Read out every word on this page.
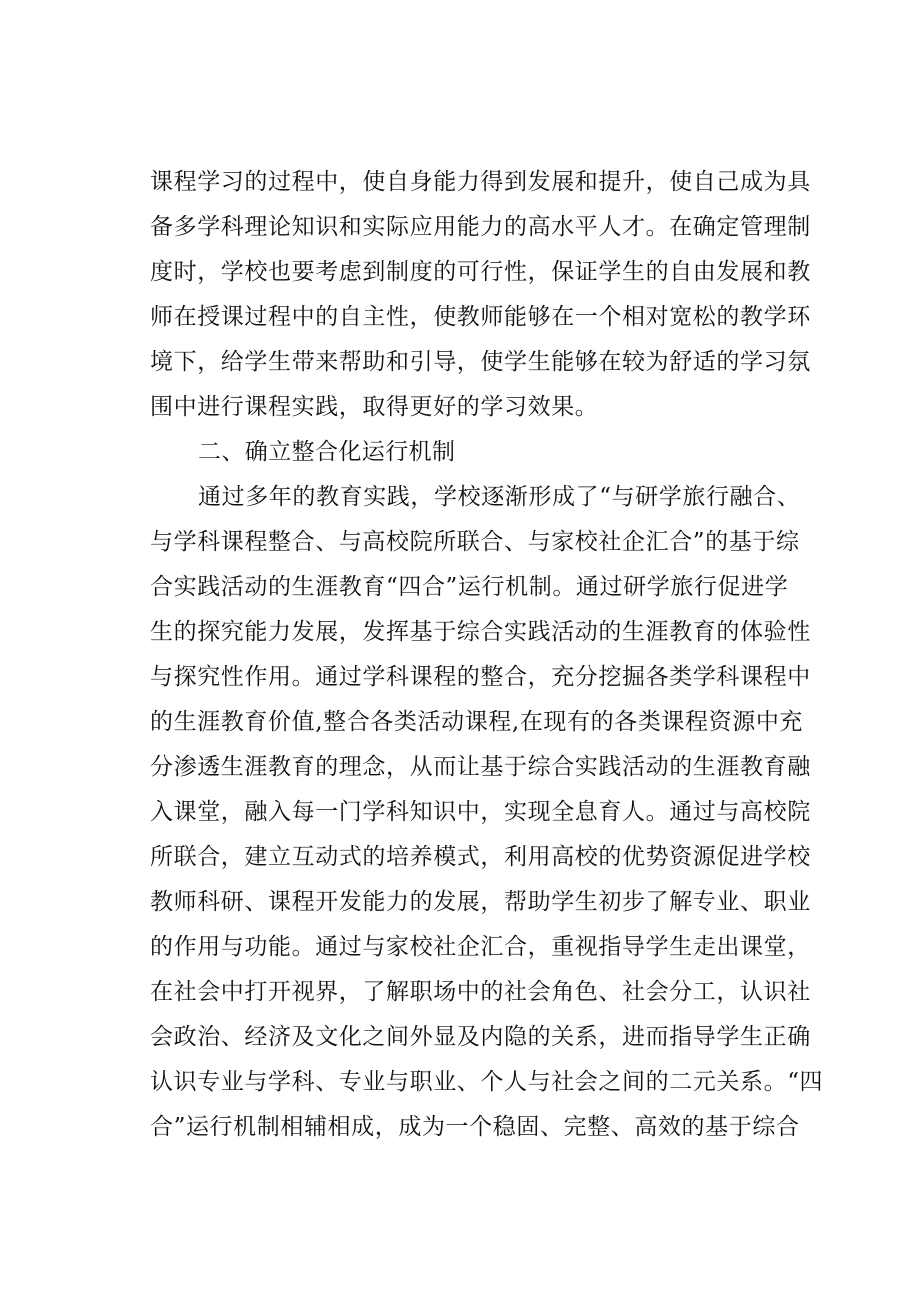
课程学习的过程中，使自身能力得到发展和提升，使自己成为具
备多学科理论知识和实际应用能力的高水平人才。在确定管理制
度时，学校也要考虑到制度的可行性，保证学生的自由发展和教
师在授课过程中的自主性，使教师能够在一个相对宽松的教学环
境下，给学生带来帮助和引导，使学生能够在较为舒适的学习氛
围中进行课程实践，取得更好的学习效果。
二、确立整合化运行机制
通过多年的教育实践，学校逐渐形成了“与研学旅行融合、
与学科课程整合、与高校院所联合、与家校社企汇合”的基于综
合实践活动的生涯教育“四合”运行机制。通过研学旅行促进学
生的探究能力发展，发挥基于综合实践活动的生涯教育的体验性
与探究性作用。通过学科课程的整合，充分挖掘各类学科课程中
的生涯教育价值,整合各类活动课程,在现有的各类课程资源中充
分渗透生涯教育的理念，从而让基于综合实践活动的生涯教育融
入课堂，融入每一门学科知识中，实现全息育人。通过与高校院
所联合，建立互动式的培养模式，利用高校的优势资源促进学校
教师科研、课程开发能力的发展，帮助学生初步了解专业、职业
的作用与功能。通过与家校社企汇合，重视指导学生走出课堂，
在社会中打开视界，了解职场中的社会角色、社会分工，认识社
会政治、经济及文化之间外显及内隐的关系，进而指导学生正确
认识专业与学科、专业与职业、个人与社会之间的二元关系。“四
合”运行机制相辅相成，成为一个稳固、完整、高效的基于综合
